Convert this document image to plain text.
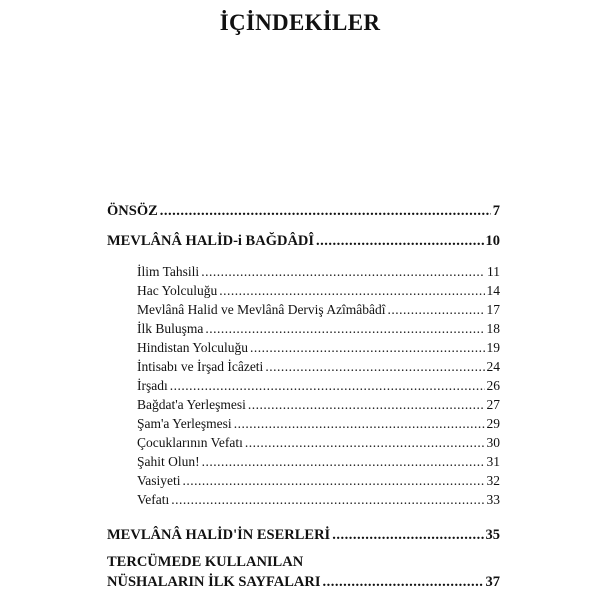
İÇİNDEKİLER
ÖNSÖZ .....	7
MEVLÂNÂ HALİD-i BAĞDÂDÎ .....	10
İlim Tahsili .....	11
Hac Yolculuğu .....	14
Mevlânâ Halid ve Mevlânâ Derviş Azîmâbâdî .....	17
İlk Buluşma .....	18
Hindistan Yolculuğu .....	19
İntisabı ve İrşad İcâzeti .....	24
İrşadı .....	26
Bağdat'a Yerleşmesi .....	27
Şam'a Yerleşmesi .....	29
Çocuklarının Vefatı .....	30
Şahit Olun! .....	31
Vasiyeti .....	32
Vefatı .....	33
MEVLÂNÂ HALİD'İN ESERLERİ .....	35
TERCÜMEDE KULLANILAN
NÜSHALARIN İLK SAYFALARI .....	37
